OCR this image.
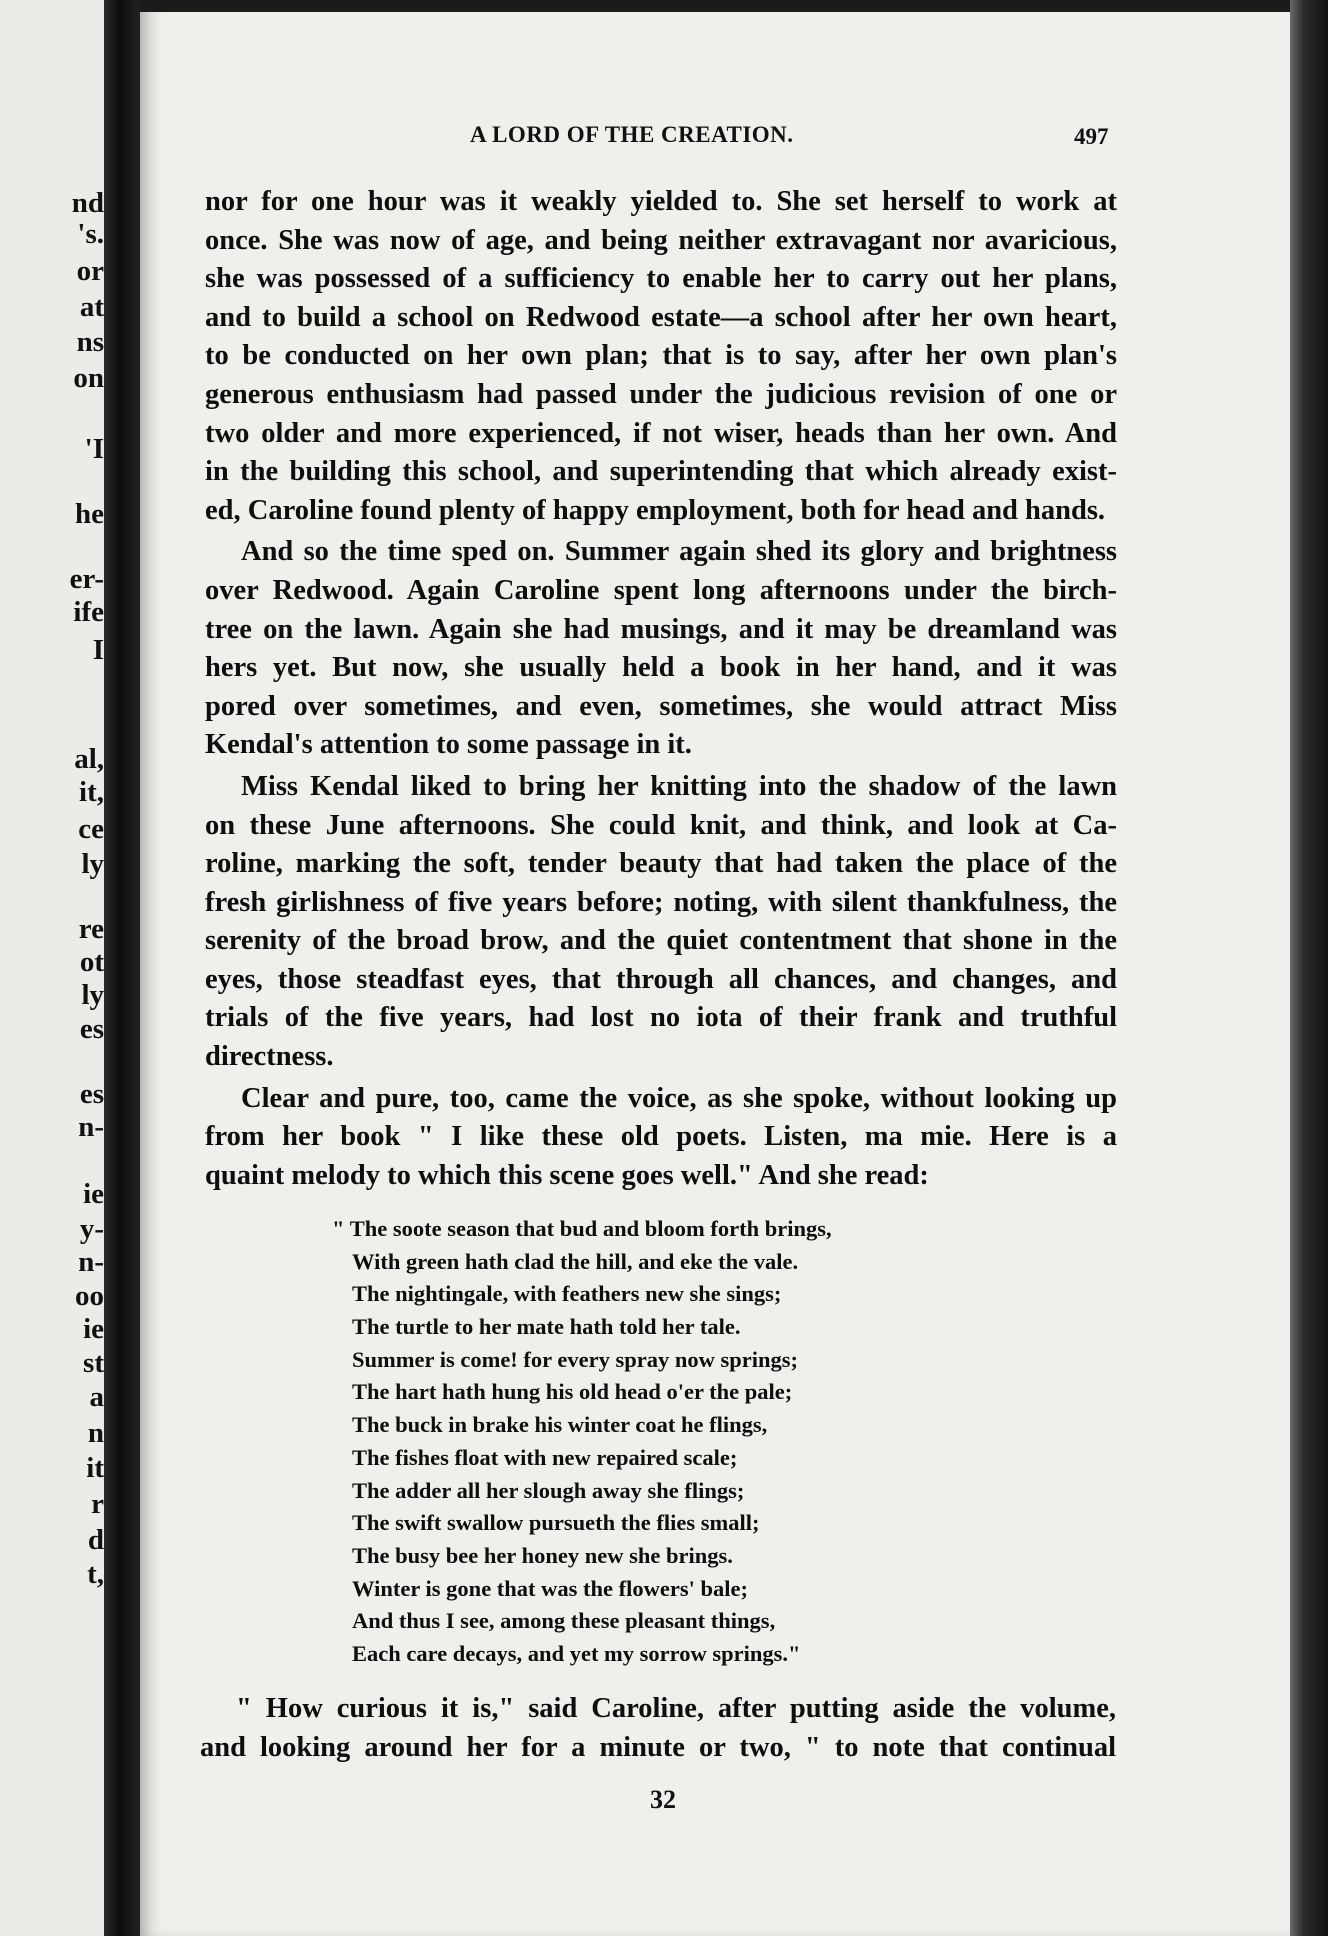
nd
's.
or
at
ns
on
'I
he
er-
ife
I
al,
it,
ce
ly
re
ot
ly
es
es
n-
ie
y-
n-
oo
ie
st
a
n
it
r
d
t,
A LORD OF THE CREATION.	497
nor for one hour was it weakly yielded to. She set herself to work at
once. She was now of age, and being neither extravagant nor avaricious,
she was possessed of a sufficiency to enable her to carry out her plans,
and to build a school on Redwood estate—a school after her own heart,
to be conducted on her own plan; that is to say, after her own plan's
generous enthusiasm had passed under the judicious revision of one or
two older and more experienced, if not wiser, heads than her own. And
in the building this school, and superintending that which already exist-
ed, Caroline found plenty of happy employment, both for head and hands.
And so the time sped on. Summer again shed its glory and brightness
over Redwood. Again Caroline spent long afternoons under the birch-
tree on the lawn. Again she had musings, and it may be dreamland was
hers yet. But now, she usually held a book in her hand, and it was
pored over sometimes, and even, sometimes, she would attract Miss
Kendal's attention to some passage in it.
Miss Kendal liked to bring her knitting into the shadow of the lawn
on these June afternoons. She could knit, and think, and look at Ca-
roline, marking the soft, tender beauty that had taken the place of the
fresh girlishness of five years before; noting, with silent thankfulness, the
serenity of the broad brow, and the quiet contentment that shone in the
eyes, those steadfast eyes, that through all chances, and changes, and
trials of the five years, had lost no iota of their frank and truthful
directness.
Clear and pure, too, came the voice, as she spoke, without looking up
from her book " I like these old poets. Listen, ma mie. Here is a
quaint melody to which this scene goes well." And she read:
" The soote season that bud and bloom forth brings,
With green hath clad the hill, and eke the vale.
The nightingale, with feathers new she sings;
The turtle to her mate hath told her tale.
Summer is come! for every spray now springs;
The hart hath hung his old head o'er the pale;
The buck in brake his winter coat he flings,
The fishes float with new repaired scale;
The adder all her slough away she flings;
The swift swallow pursueth the flies small;
The busy bee her honey new she brings.
Winter is gone that was the flowers' bale;
And thus I see, among these pleasant things,
Each care decays, and yet my sorrow springs."
" How curious it is," said Caroline, after putting aside the volume,
and looking around her for a minute or two, " to note that continual
32
